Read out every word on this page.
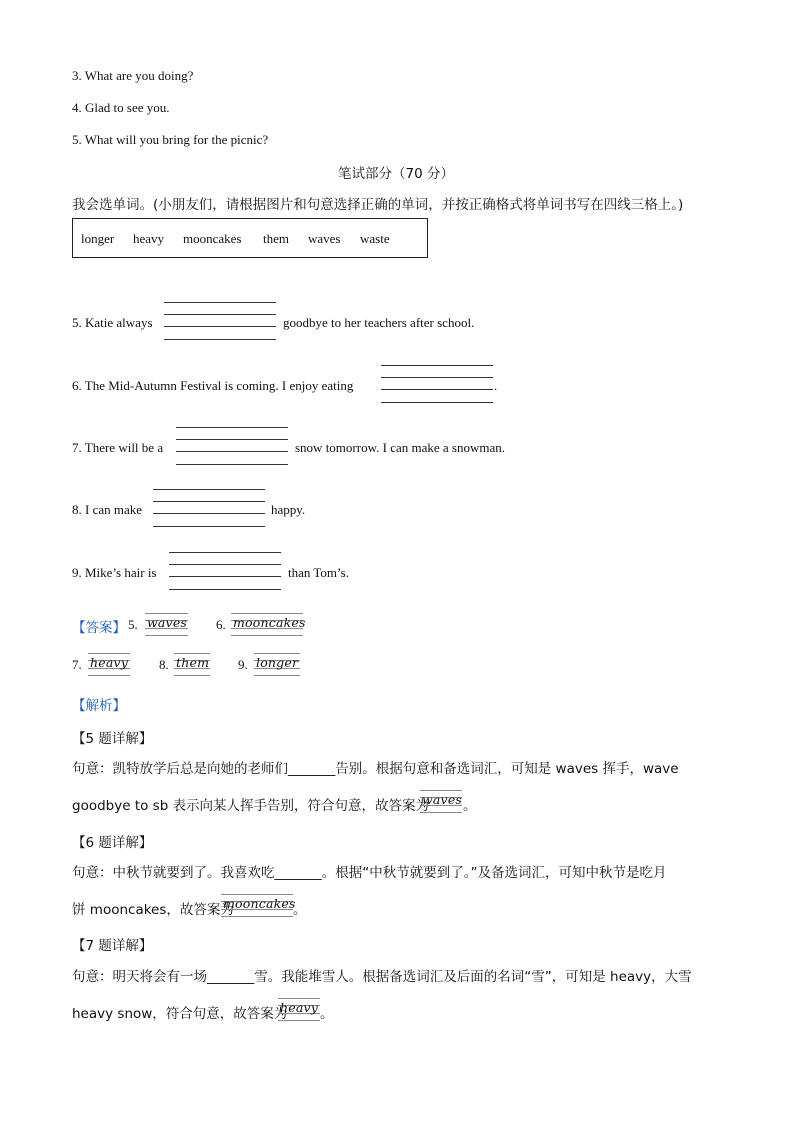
3. What are you doing?
4. Glad to see you.
5. What will you bring for the picnic?
笔试部分（70 分）
我会选单词。(小朋友们，请根据图片和句意选择正确的单词，并按正确格式将单词书写在四线三格上。)
longer heavy mooncakes them waves waste
5. Katie always	goodbye to her teachers after school.
6. The Mid-Autumn Festival is coming. I enjoy eating	.
7. There will be a	snow tomorrow. I can make a snowman.
8. I can make	happy.
9. Mike’s hair is	than Tom’s.
【答案】 5. waves 6. mooncakes
7. heavy 8. them 9. longer
【解析】
【5 题详解】
句意：凯特放学后总是向她的老师们_______告别。根据句意和备选词汇，可知是 waves 挥手，wave
goodbye to sb 表示向某人挥手告别，符合句意，故答案为
waves 。
【6 题详解】
句意：中秋节就要到了。我喜欢吃_______。根据“中秋节就要到了。”及备选词汇，可知中秋节是吃月
饼 mooncakes，故答案为
mooncakes
。
【7 题详解】
句意：明天将会有一场_______雪。我能堆雪人。根据备选词汇及后面的名词“雪”，可知是 heavy，大雪
heavy snow，符合句意，故答案为
heavy 。
